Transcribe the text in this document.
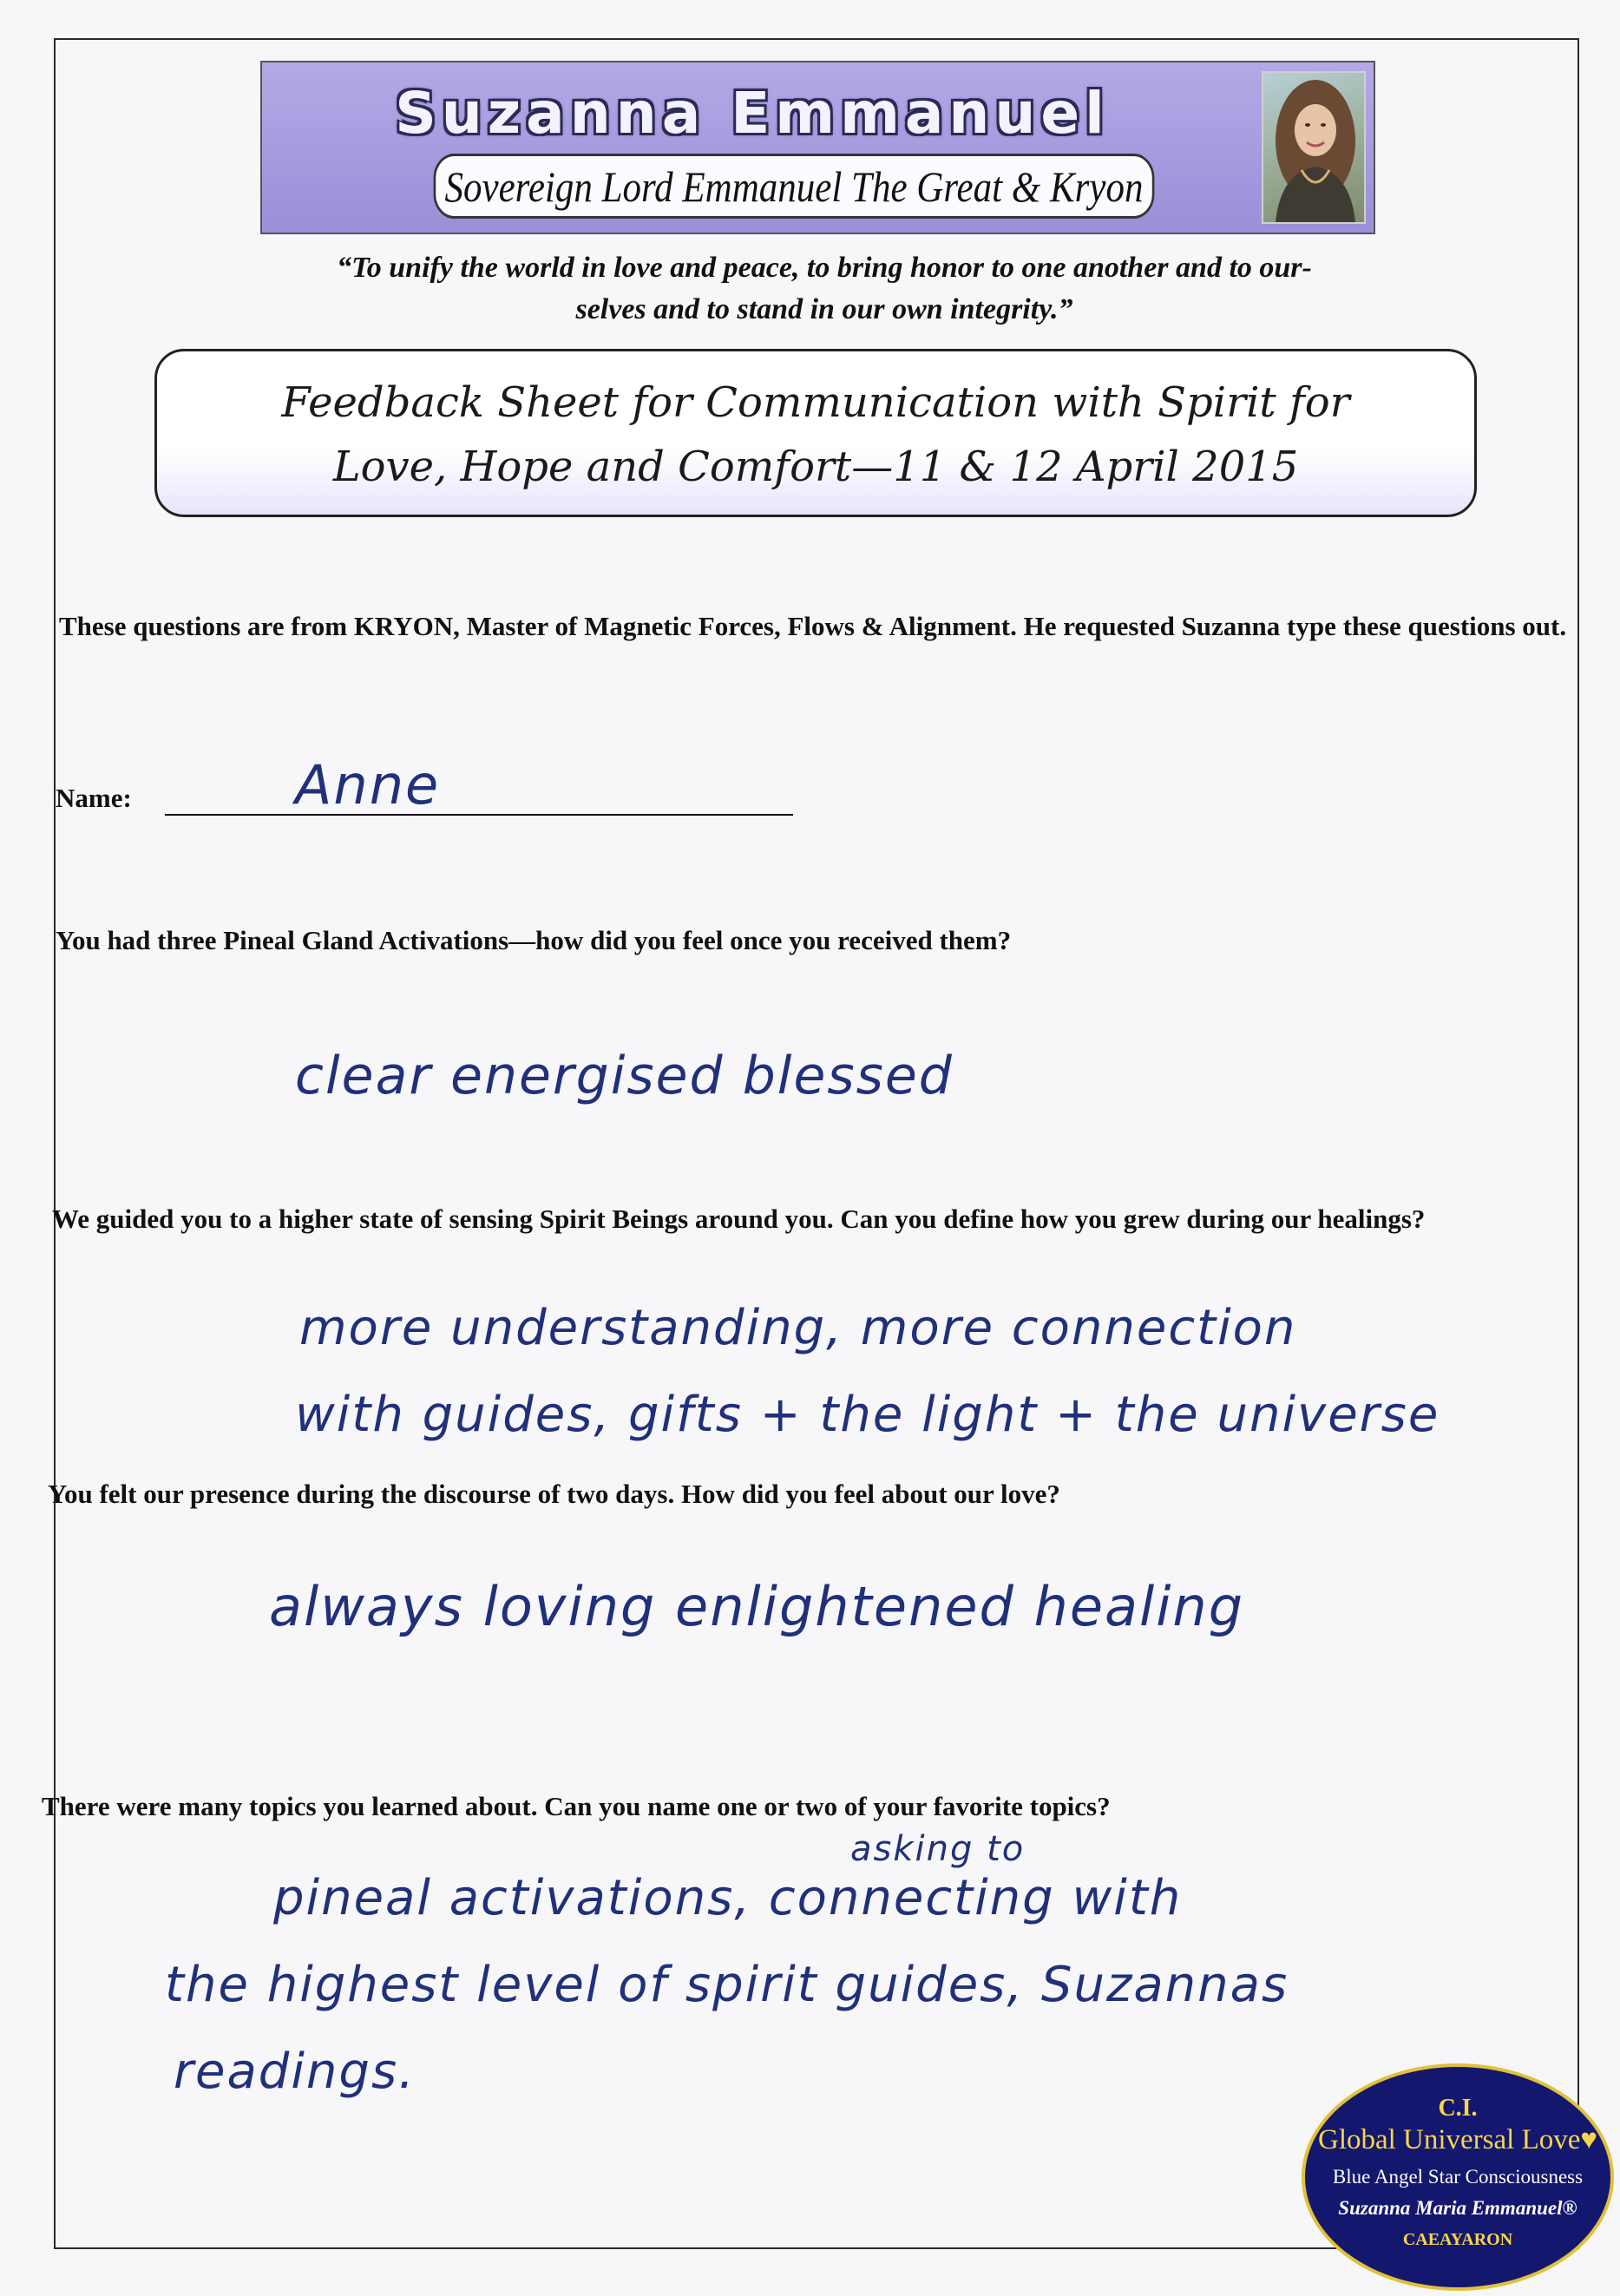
Suzanna Emmanuel
Sovereign Lord Emmanuel The Great & Kryon
“To unify the world in love and peace, to bring honor to one another and to our-
selves and to stand in our own integrity.”
Feedback Sheet for Communication with Spirit for
Love, Hope and Comfort—11 & 12 April 2015
These questions are from KRYON, Master of Magnetic Forces, Flows & Alignment. He requested Suzanna type these questions out.
Name:	Anne
You had three Pineal Gland Activations—how did you feel once you received them?
clear energised blessed
We guided you to a higher state of sensing Spirit Beings around you. Can you define how you grew during our healings?
more understanding, more connection
with guides, gifts + the light + the universe
You felt our presence during the discourse of two days. How did you feel about our love?
always loving enlightened healing
There were many topics you learned about. Can you name one or two of your favorite topics?
asking to
pineal activations, connecting with
the highest level of spirit guides, Suzannas
readings.
C.I.
Global Universal Love♥
Blue Angel Star Consciousness
Suzanna Maria Emmanuel®
CAEAYARON
